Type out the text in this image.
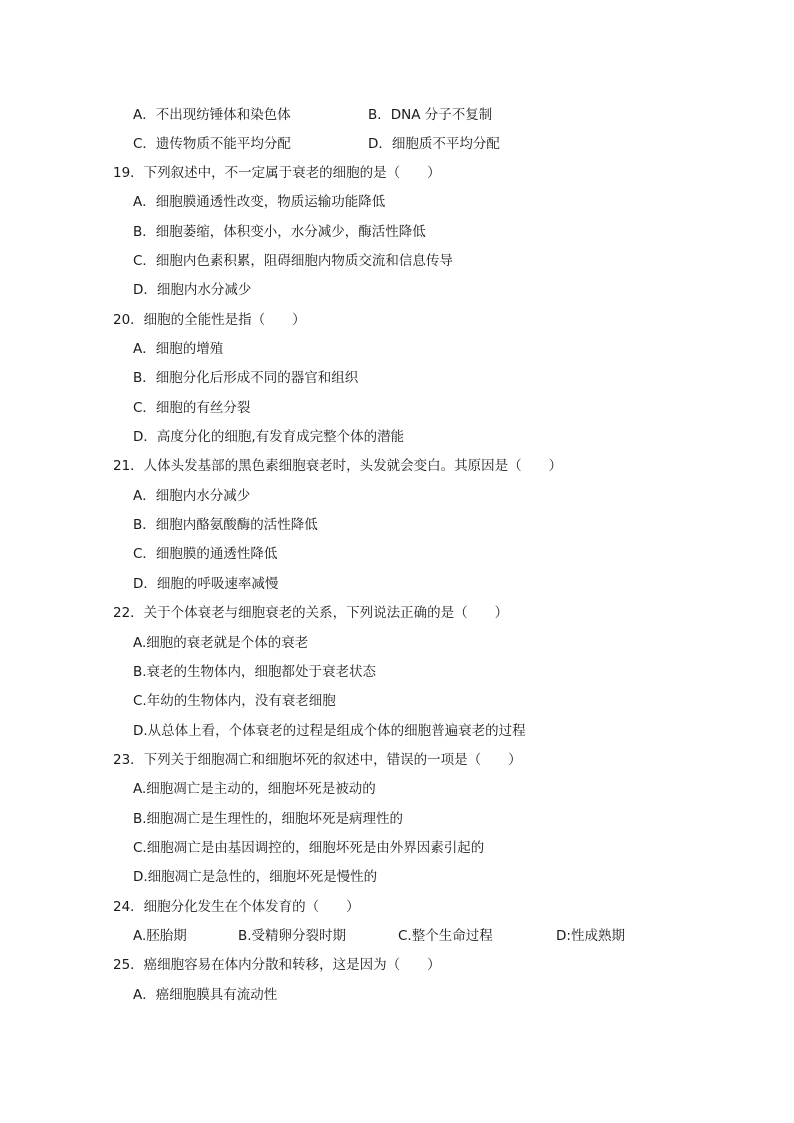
A．不出现纺锤体和染色体	B．DNA 分子不复制
C．遗传物质不能平均分配	D．细胞质不平均分配
19．下列叙述中，不一定属于衰老的细胞的是（　　）
A．细胞膜通透性改变，物质运输功能降低
B．细胞萎缩，体积变小，水分减少，酶活性降低
C．细胞内色素积累，阻碍细胞内物质交流和信息传导
D．细胞内水分减少
20．细胞的全能性是指（　　）
A．细胞的增殖
B．细胞分化后形成不同的器官和组织
C．细胞的有丝分裂
D．高度分化的细胞,有发育成完整个体的潜能
21．人体头发基部的黑色素细胞衰老时，头发就会变白。其原因是（　　）
A．细胞内水分减少
B．细胞内酪氨酸酶的活性降低
C．细胞膜的通透性降低
D．细胞的呼吸速率减慢
22．关于个体衰老与细胞衰老的关系，下列说法正确的是（　　）
A.细胞的衰老就是个体的衰老
B.衰老的生物体内，细胞都处于衰老状态
C.年幼的生物体内，没有衰老细胞
D.从总体上看，个体衰老的过程是组成个体的细胞普遍衰老的过程
23．下列关于细胞凋亡和细胞坏死的叙述中，错误的一项是（　　）
A.细胞凋亡是主动的，细胞坏死是被动的
B.细胞凋亡是生理性的，细胞坏死是病理性的
C.细胞凋亡是由基因调控的，细胞坏死是由外界因素引起的
D.细胞凋亡是急性的，细胞坏死是慢性的
24．细胞分化发生在个体发育的（　　）
A.胚胎期	B.受精卵分裂时期	C.整个生命过程	D:性成熟期
25．癌细胞容易在体内分散和转移，这是因为（　　）
A．癌细胞膜具有流动性
